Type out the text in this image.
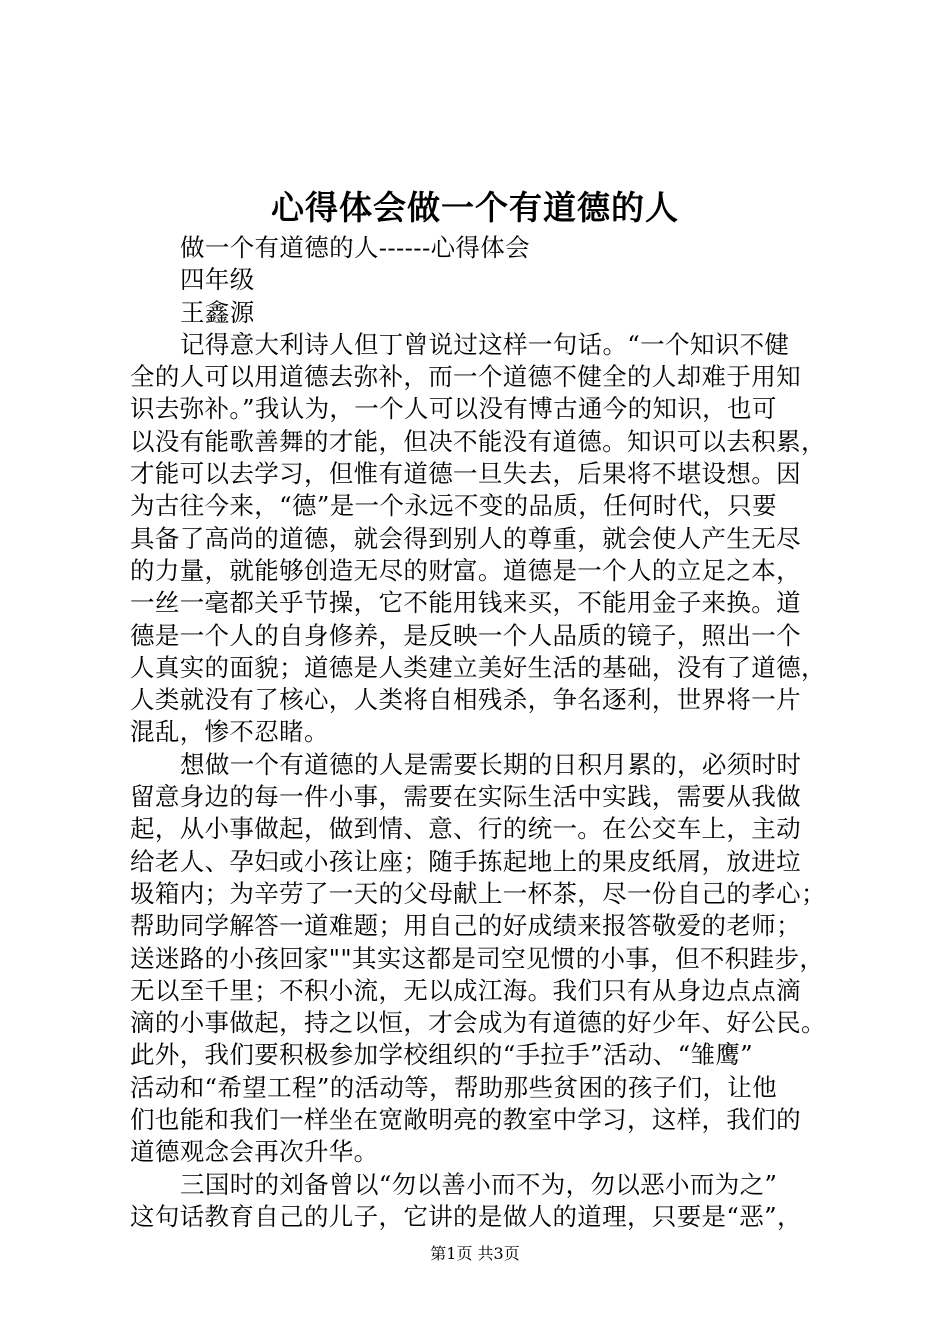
心得体会做一个有道德的人
做一个有道德的人------心得体会
四年级
王鑫源
记得意大利诗人但丁曾说过这样一句话。“一个知识不健
全的人可以用道德去弥补，而一个道德不健全的人却难于用知
识去弥补。”我认为，一个人可以没有博古通今的知识，也可
以没有能歌善舞的才能，但决不能没有道德。知识可以去积累，
才能可以去学习，但惟有道德一旦失去，后果将不堪设想。因
为古往今来，“德”是一个永远不变的品质，任何时代，只要
具备了高尚的道德，就会得到别人的尊重，就会使人产生无尽
的力量，就能够创造无尽的财富。道德是一个人的立足之本，
一丝一毫都关乎节操，它不能用钱来买，不能用金子来换。道
德是一个人的自身修养，是反映一个人品质的镜子，照出一个
人真实的面貌；道德是人类建立美好生活的基础，没有了道德，
人类就没有了核心，人类将自相残杀，争名逐利，世界将一片
混乱，惨不忍睹。
想做一个有道德的人是需要长期的日积月累的，必须时时
留意身边的每一件小事，需要在实际生活中实践，需要从我做
起，从小事做起，做到情、意、行的统一。在公交车上，主动
给老人、孕妇或小孩让座；随手拣起地上的果皮纸屑，放进垃
圾箱内；为辛劳了一天的父母献上一杯茶，尽一份自己的孝心；
帮助同学解答一道难题；用自己的好成绩来报答敬爱的老师；
送迷路的小孩回家""其实这都是司空见惯的小事，但不积跬步，
无以至千里；不积小流，无以成江海。我们只有从身边点点滴
滴的小事做起，持之以恒，才会成为有道德的好少年、好公民。
此外，我们要积极参加学校组织的“手拉手”活动、“雏鹰”
活动和“希望工程”的活动等，帮助那些贫困的孩子们，让他
们也能和我们一样坐在宽敞明亮的教室中学习，这样，我们的
道德观念会再次升华。
三国时的刘备曾以“勿以善小而不为，勿以恶小而为之”
这句话教育自己的儿子，它讲的是做人的道理，只要是“恶”，
第1页 共3页
